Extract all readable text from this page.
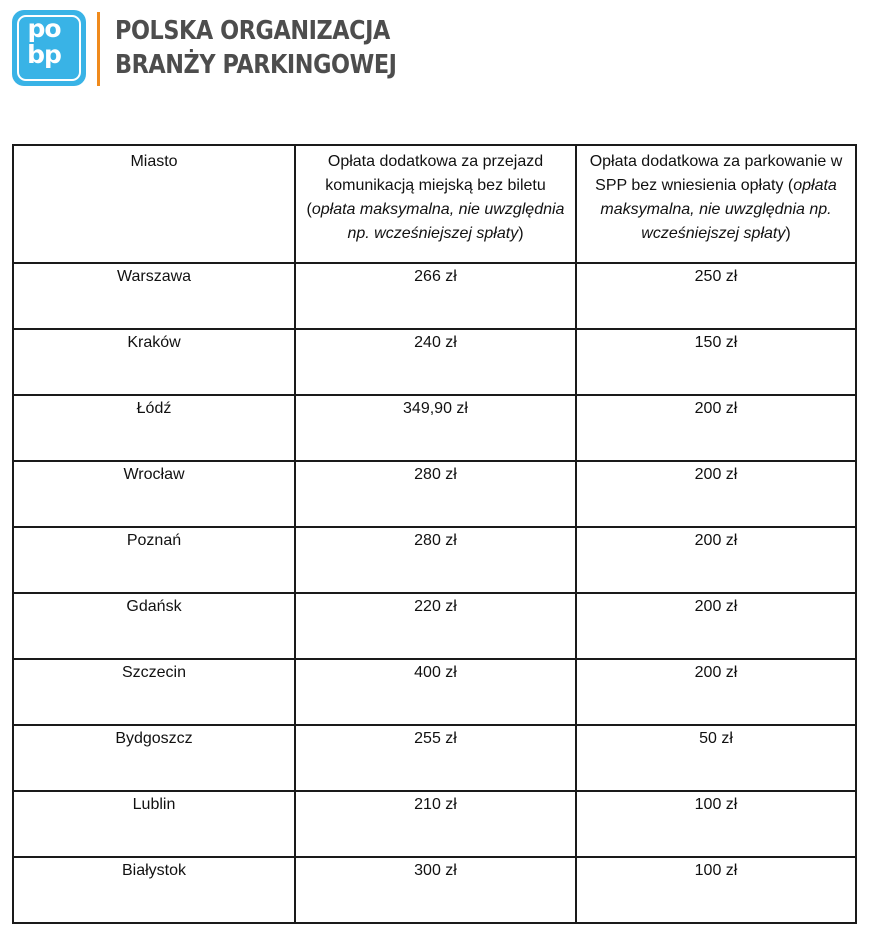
po
bp
POLSKA ORGANIZACJA
BRANŻY PARKINGOWEJ
Miasto	Opłata dodatkowa za przejazd komunikacją miejską bez biletu (opłata maksymalna, nie uwzględnia np. wcześniejszej spłaty)	Opłata dodatkowa za parkowanie w SPP bez wniesienia opłaty (opłata maksymalna, nie uwzględnia np. wcześniejszej spłaty)
Warszawa	266 zł	250 zł
Kraków	240 zł	150 zł
Łódź	349,90 zł	200 zł
Wrocław	280 zł	200 zł
Poznań	280 zł	200 zł
Gdańsk	220 zł	200 zł
Szczecin	400 zł	200 zł
Bydgoszcz	255 zł	50 zł
Lublin	210 zł	100 zł
Białystok	300 zł	100 zł
